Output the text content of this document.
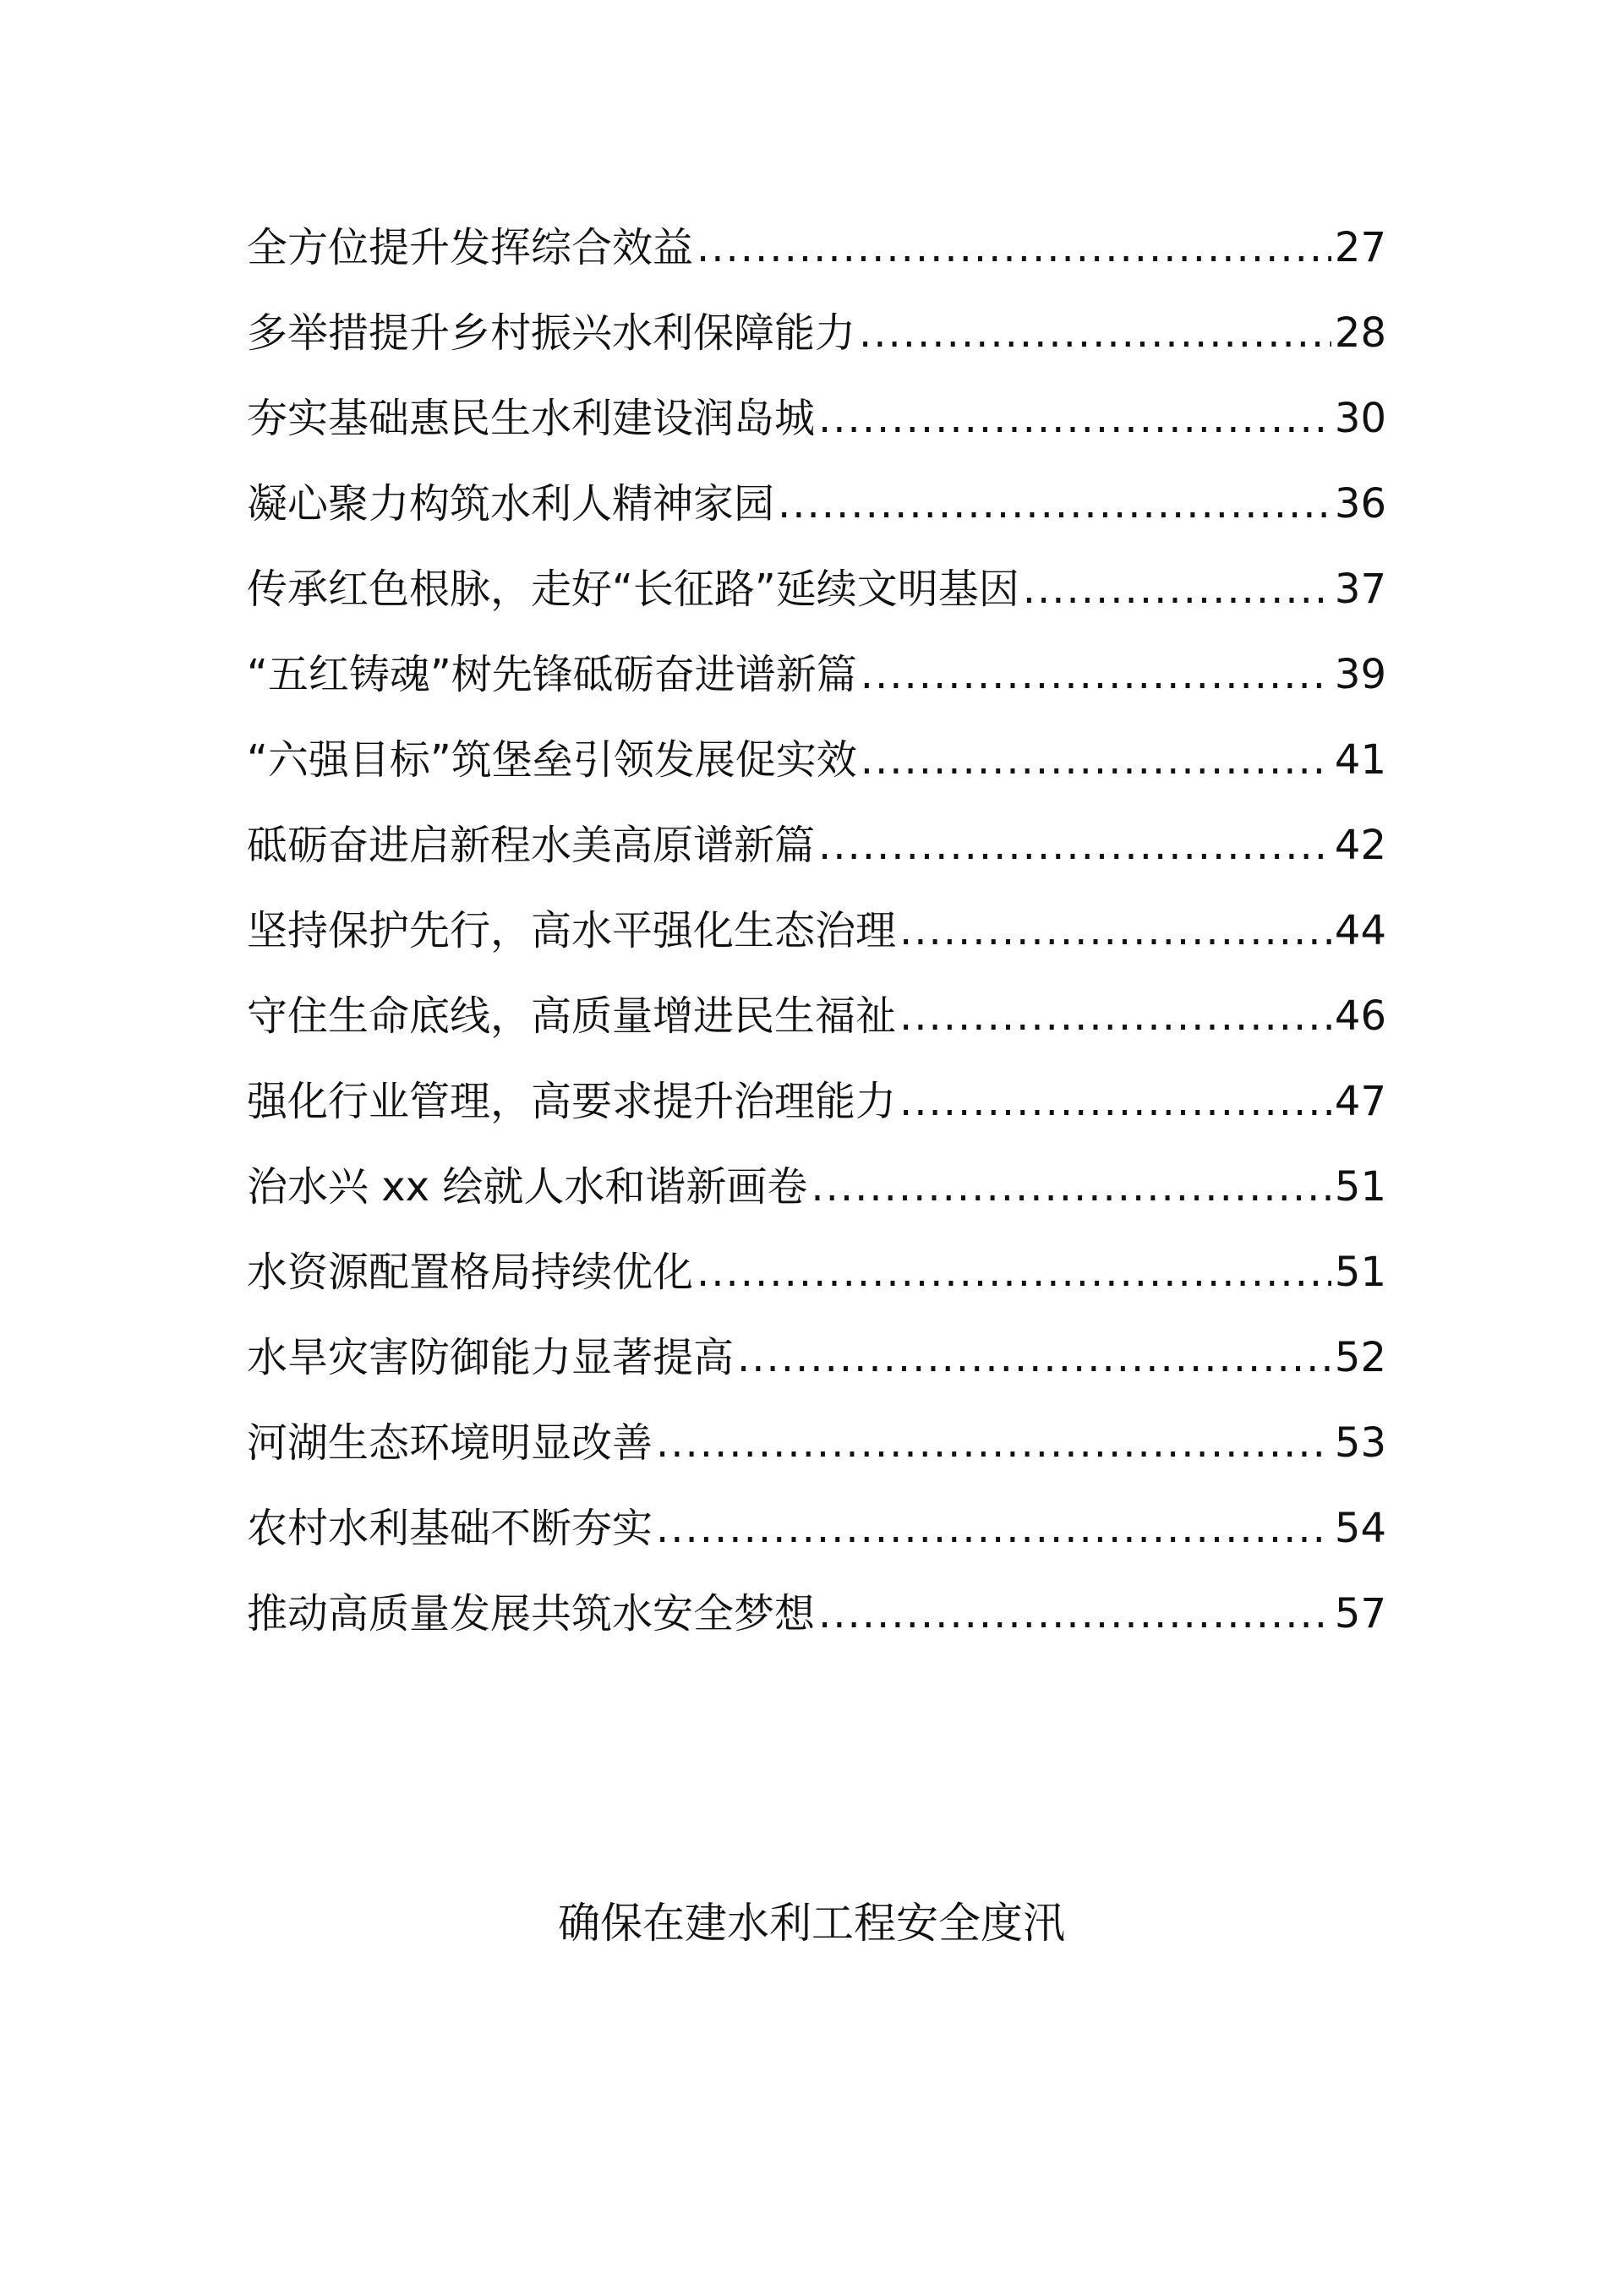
全方位提升发挥综合效益 .....	27
多举措提升乡村振兴水利保障能力 .....	28
夯实基础惠民生水利建设润岛城 .....	30
凝心聚力构筑水利人精神家园 .....	36
传承红色根脉，走好“长征路”延续文明基因 .....	37
“五红铸魂”树先锋砥砺奋进谱新篇 .....	39
“六强目标”筑堡垒引领发展促实效 .....	41
砥砺奋进启新程水美高原谱新篇 .....	42
坚持保护先行，高水平强化生态治理 .....	44
守住生命底线，高质量增进民生福祉 .....	46
强化行业管理，高要求提升治理能力 .....	47
治水兴 xx 绘就人水和谐新画卷 .....	51
水资源配置格局持续优化 .....	51
水旱灾害防御能力显著提高 .....	52
河湖生态环境明显改善 .....	53
农村水利基础不断夯实 .....	54
推动高质量发展共筑水安全梦想 .....	57
确保在建水利工程安全度汛
